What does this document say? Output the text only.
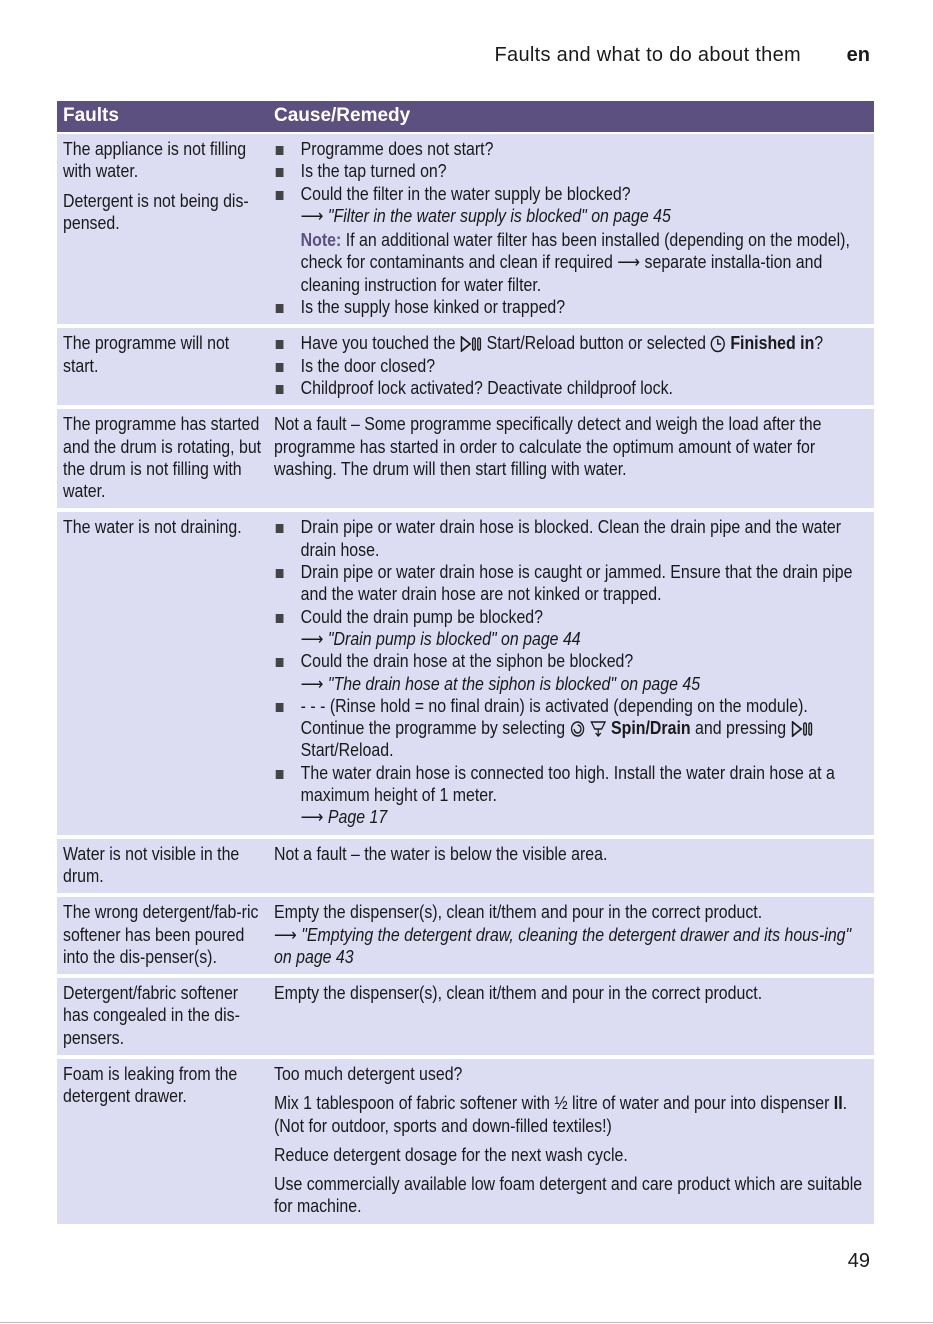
Faults and what to do about them en
Faults	Cause/Remedy

The appliance is not filling with water.

Detergent is not being dis-pensed.

Programme does not start?
Is the tap turned on?
Could the filter in the water supply be blocked?
⟶ "Filter in the water supply is blocked" on page 45
Note: If an additional water filter has been installed (depending on the model), check for contaminants and clean if required ⟶ separate installa-tion and cleaning instruction for water filter.
Is the supply hose kinked or trapped?

The programme will not start.

Have you touched the Start/Reload button or selected Finished in?
Is the door closed?
Childproof lock activated? Deactivate childproof lock.

The programme has started and the drum is rotating, but the drum is not filling with water.

Not a fault – Some programme specifically detect and weigh the load after the programme has started in order to calculate the optimum amount of water for washing. The drum will then start filling with water.

The water is not draining.	Drain pipe or water drain hose is blocked. Clean the drain pipe and the water drain hose.
Drain pipe or water drain hose is caught or jammed. Ensure that the drain pipe and the water drain hose are not kinked or trapped.
Could the drain pump be blocked?
⟶ "Drain pump is blocked" on page 44
Could the drain hose at the siphon be blocked?
⟶ "The drain hose at the siphon is blocked" on page 45
- - - (Rinse hold = no final drain) is activated (depending on the module). Continue the programme by selecting Spin/Drain and pressing  Start/Reload.
The water drain hose is connected too high. Install the water drain hose at a maximum height of 1 meter.
⟶ Page 17

Water is not visible in the drum.

Not a fault – the water is below the visible area.

The wrong detergent/fab-ric softener has been poured into the dis-penser(s).

Empty the dispenser(s), clean it/them and pour in the correct product.

⟶ "Emptying the detergent draw, cleaning the detergent drawer and its hous-ing" on page 43

Detergent/fabric softener has congealed in the dis-pensers.

Empty the dispenser(s), clean it/them and pour in the correct product.

Foam is leaking from the detergent drawer.

Too much detergent used?

Mix 1 tablespoon of fabric softener with ½ litre of water and pour into dispenser II. (Not for outdoor, sports and down-filled textiles!)

Reduce detergent dosage for the next wash cycle.

Use commercially available low foam detergent and care product which are suitable for machine.

49
